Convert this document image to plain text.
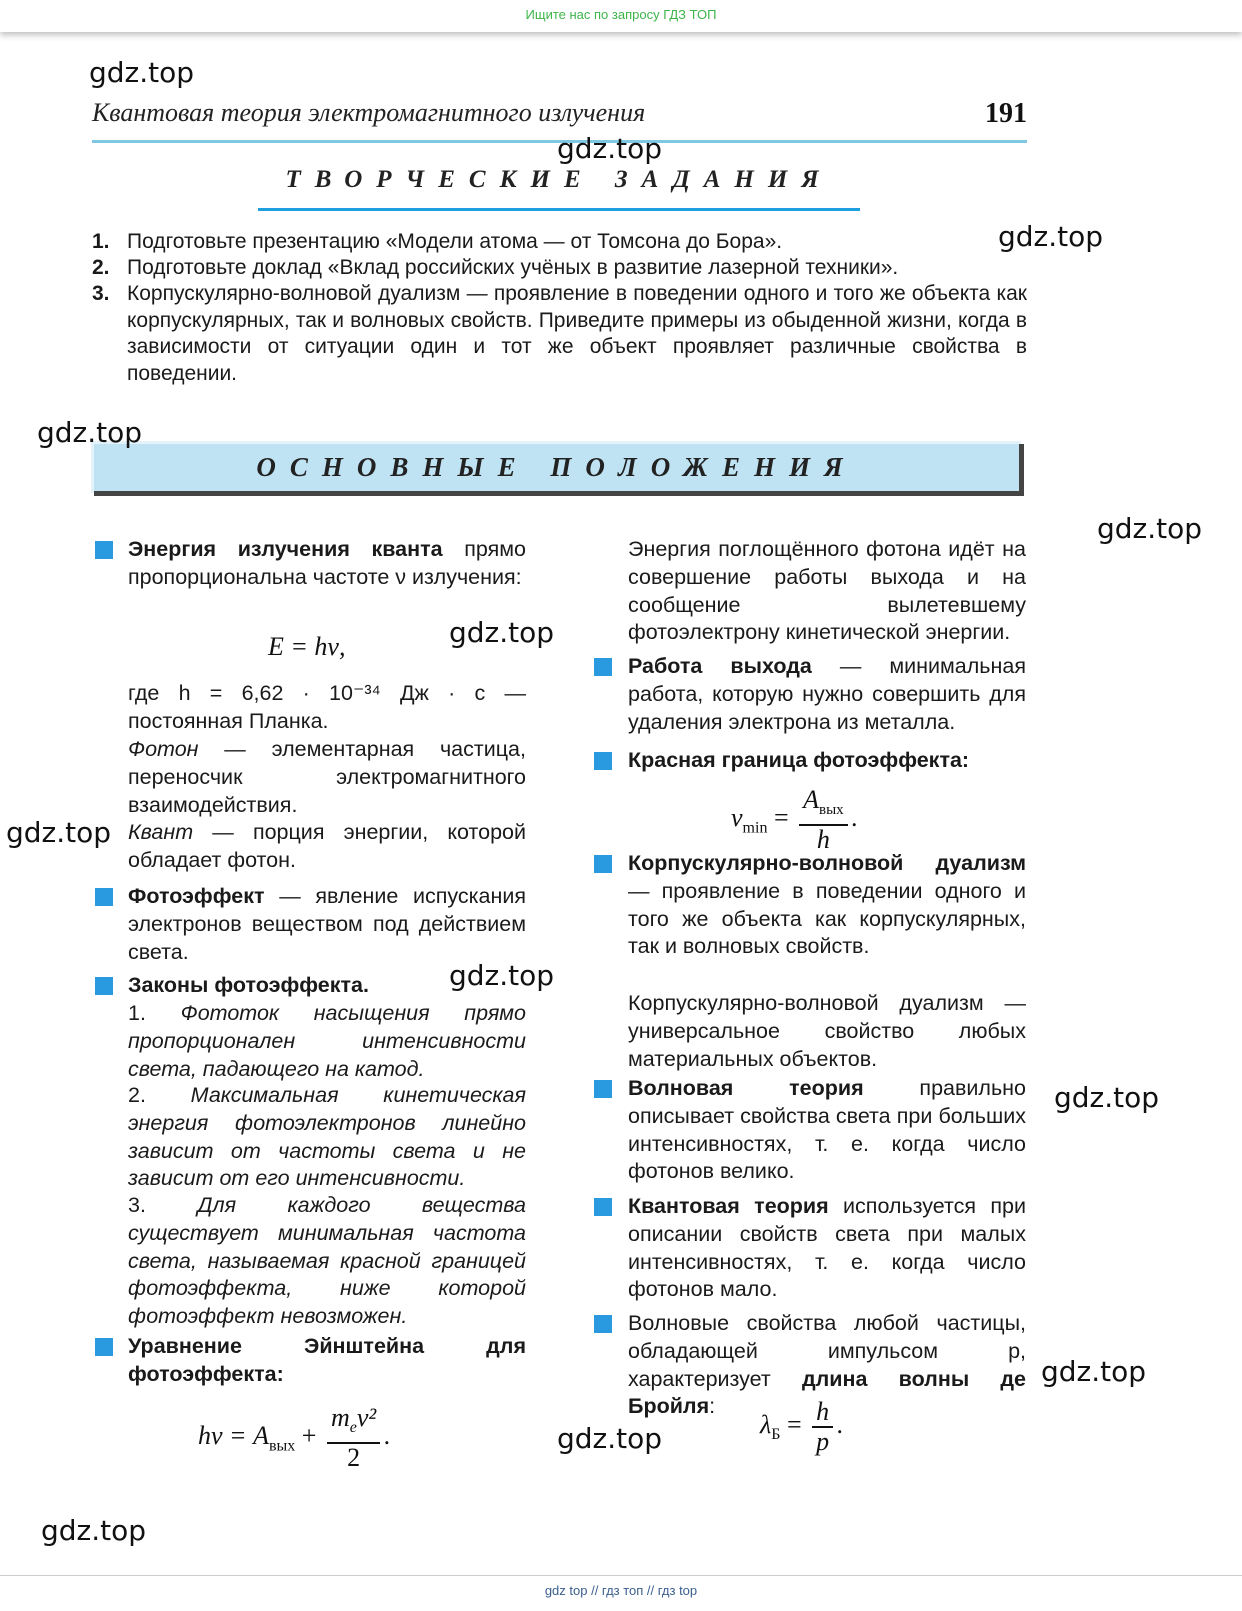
Ищите нас по запросу ГДЗ ТОП
Квантовая теория электромагнитного излучения	191
ТВОРЧЕСКИЕ ЗАДАНИЯ
1. Подготовьте презентацию «Модели атома — от Томсона до Бора».
2. Подготовьте доклад «Вклад российских учёных в развитие лазерной техники».
3. Корпускулярно-волновой дуализм — проявление в поведении одного и того же объекта как корпускулярных, так и волновых свойств. Приведите примеры из обыденной жизни, когда в зависимости от ситуации один и тот же объект проявляет различные свойства в поведении.
ОСНОВНЫЕ ПОЛОЖЕНИЯ
Энергия излучения кванта прямо пропорциональна частоте ν излучения:
E = hν,
где h = 6,62 · 10⁻³⁴ Дж · с — постоянная Планка.
Фотон — элементарная частица, переносчик электромагнитного взаимодействия.
Квант — порция энергии, которой обладает фотон.
Фотоэффект — явление испускания электронов веществом под действием света.
Законы фотоэффекта.
1. Фототок насыщения прямо пропорционален интенсивности света, падающего на катод.
2. Максимальная кинетическая энергия фотоэлектронов линейно зависит от частоты света и не зависит от его интенсивности.
3. Для каждого вещества существует минимальная частота света, называемая красной границей фотоэффекта, ниже которой фотоэффект невозможен.
Уравнение Эйнштейна для фотоэффекта:
$h\nu = A_{вых} + \frac{m_ev^2}{2}$ .
Энергия поглощённого фотона идёт на совершение работы выхода и на сообщение вылетевшему фотоэлектрону кинетической энергии.
Работа выхода — минимальная работа, которую нужно совершить для удаления электрона из металла.
Красная граница фотоэффекта:
$\nu_{min} = \frac{A_{вых}}{h}$ .
Корпускулярно-волновой дуализм — проявление в поведении одного и того же объекта как корпускулярных, так и волновых свойств.
Корпускулярно-волновой дуализм — универсальное свойство любых материальных объектов.
Волновая теория правильно описывает свойства света при больших интенсивностях, т. е. когда число фотонов велико.
Квантовая теория используется при описании свойств света при малых интенсивностях, т. е. когда число фотонов мало.
Волновые свойства любой частицы, обладающей импульсом p, характеризует длина волны де Бройля:
$\lambda_Б = \frac{h}{p}$ .
gdz.top
gdz.top
gdz.top
gdz.top
gdz.top
gdz.top
gdz.top
gdz.top
gdz.top
gdz.top
gdz.top
gdz.top
$_{gdz top // гдз топ // гдз top}$
